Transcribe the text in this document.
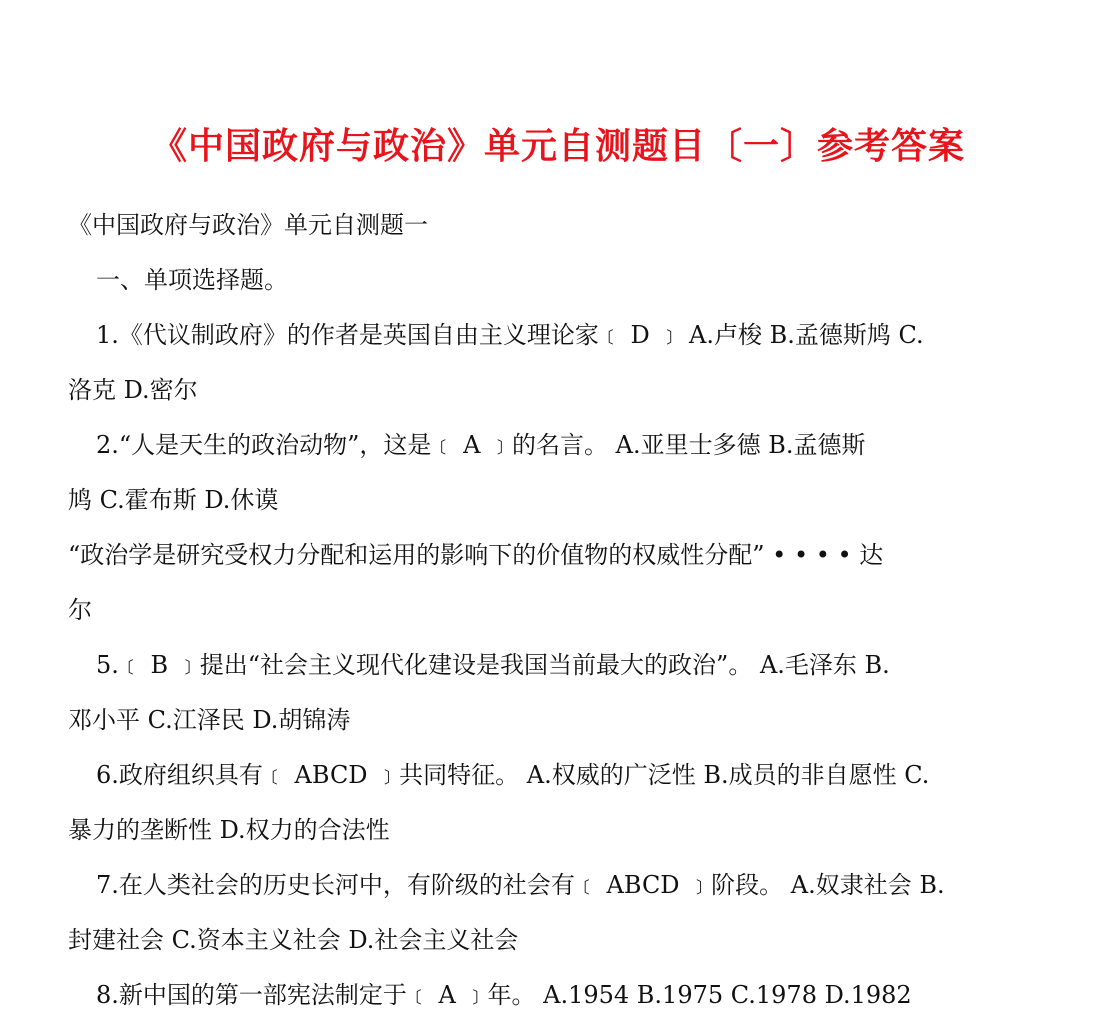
《中国政府与政治》单元自测题目〔一〕参考答案
《中国政府与政治》单元自测题一
一、单项选择题。
1.《代议制政府》的作者是英国自由主义理论家﹝ D ﹞ A.卢梭 B.孟德斯鸠 C.
洛克 D.密尔
2.“人是天生的政治动物”，这是﹝ A ﹞的名言。 A.亚里士多德 B.孟德斯
鸠 C.霍布斯 D.休谟
“政治学是研究受权力分配和运用的影响下的价值物的权威性分配” • • • • 达
尔
5.﹝ B ﹞提出“社会主义现代化建设是我国当前最大的政治”。 A.毛泽东 B.
邓小平 C.江泽民 D.胡锦涛
6.政府组织具有﹝ ABCD ﹞共同特征。 A.权威的广泛性 B.成员的非自愿性 C.
暴力的垄断性 D.权力的合法性
7.在人类社会的历史长河中，有阶级的社会有﹝ ABCD ﹞阶段。 A.奴隶社会 B.
封建社会 C.资本主义社会 D.社会主义社会
8.新中国的第一部宪法制定于﹝ A ﹞年。 A.1954 B.1975 C.1978 D.1982
